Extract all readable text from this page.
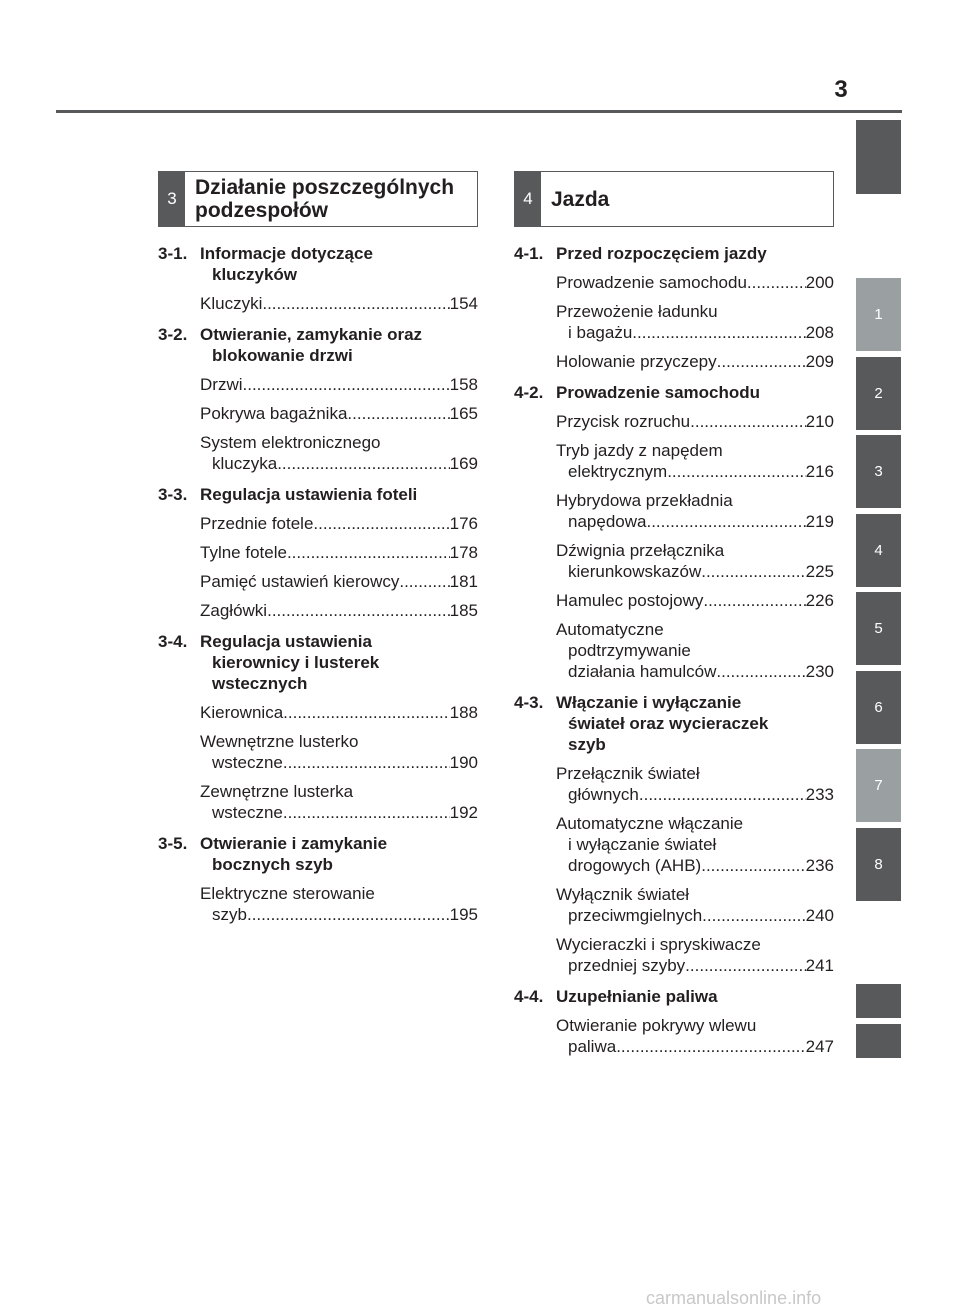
3
1
2
3
4
5
6
7
8
3 Działanie poszczególnych
podzespołów
3-1. Informacje dotyczące
kluczyków
Kluczyki .....	154
3-2. Otwieranie, zamykanie oraz
blokowanie drzwi
Drzwi .....	158
Pokrywa bagażnika .....	165
System elektronicznego
kluczyka .....	169
3-3. Regulacja ustawienia foteli
Przednie fotele .....	176
Tylne fotele .....	178
Pamięć ustawień kierowcy .....	181
Zagłówki .....	185
3-4. Regulacja ustawienia
kierownicy i lusterek
wstecznych
Kierownica .....	188
Wewnętrzne lusterko
wsteczne .....	190
Zewnętrzne lusterka
wsteczne .....	192
3-5. Otwieranie i zamykanie
bocznych szyb
Elektryczne sterowanie
szyb .....	195
4 Jazda
4-1. Przed rozpoczęciem jazdy
Prowadzenie samochodu .....	200
Przewożenie ładunku
i bagażu .....	208
Holowanie przyczepy .....	209
4-2. Prowadzenie samochodu
Przycisk rozruchu .....	210
Tryb jazdy z napędem
elektrycznym .....	216
Hybrydowa przekładnia
napędowa .....	219
Dźwignia przełącznika
kierunkowskazów .....	225
Hamulec postojowy .....	226
Automatyczne
podtrzymywanie
działania hamulców .....	230
4-3. Włączanie i wyłączanie
świateł oraz wycieraczek
szyb
Przełącznik świateł
głównych .....	233
Automatyczne włączanie
i wyłączanie świateł
drogowych (AHB) .....	236
Wyłącznik świateł
przeciwmgielnych .....	240
Wycieraczki i spryskiwacze
przedniej szyby .....	241
4-4. Uzupełnianie paliwa
Otwieranie pokrywy wlewu
paliwa .....	247
carmanualsonline.info
